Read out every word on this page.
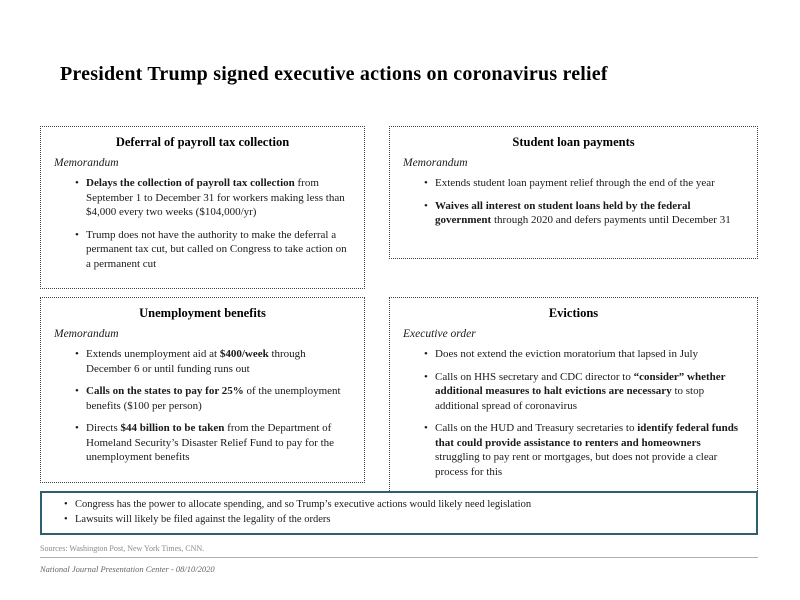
President Trump signed executive actions on coronavirus relief
Deferral of payroll tax collection
Memorandum
• Delays the collection of payroll tax collection from September 1 to December 31 for workers making less than $4,000 every two weeks ($104,000/yr)
• Trump does not have the authority to make the deferral a permanent tax cut, but called on Congress to take action on a permanent cut
Student loan payments
Memorandum
• Extends student loan payment relief through the end of the year
• Waives all interest on student loans held by the federal government through 2020 and defers payments until December 31
Unemployment benefits
Memorandum
• Extends unemployment aid at $400/week through December 6 or until funding runs out
• Calls on the states to pay for 25% of the unemployment benefits ($100 per person)
• Directs $44 billion to be taken from the Department of Homeland Security’s Disaster Relief Fund to pay for the unemployment benefits
Evictions
Executive order
• Does not extend the eviction moratorium that lapsed in July
• Calls on HHS secretary and CDC director to “consider” whether additional measures to halt evictions are necessary to stop additional spread of coronavirus
• Calls on the HUD and Treasury secretaries to identify federal funds that could provide assistance to renters and homeowners struggling to pay rent or mortgages, but does not provide a clear process for this
• Congress has the power to allocate spending, and so Trump’s executive actions would likely need legislation
• Lawsuits will likely be filed against the legality of the orders
Sources: Washington Post, New York Times, CNN.
National Journal Presentation Center - 08/10/2020
